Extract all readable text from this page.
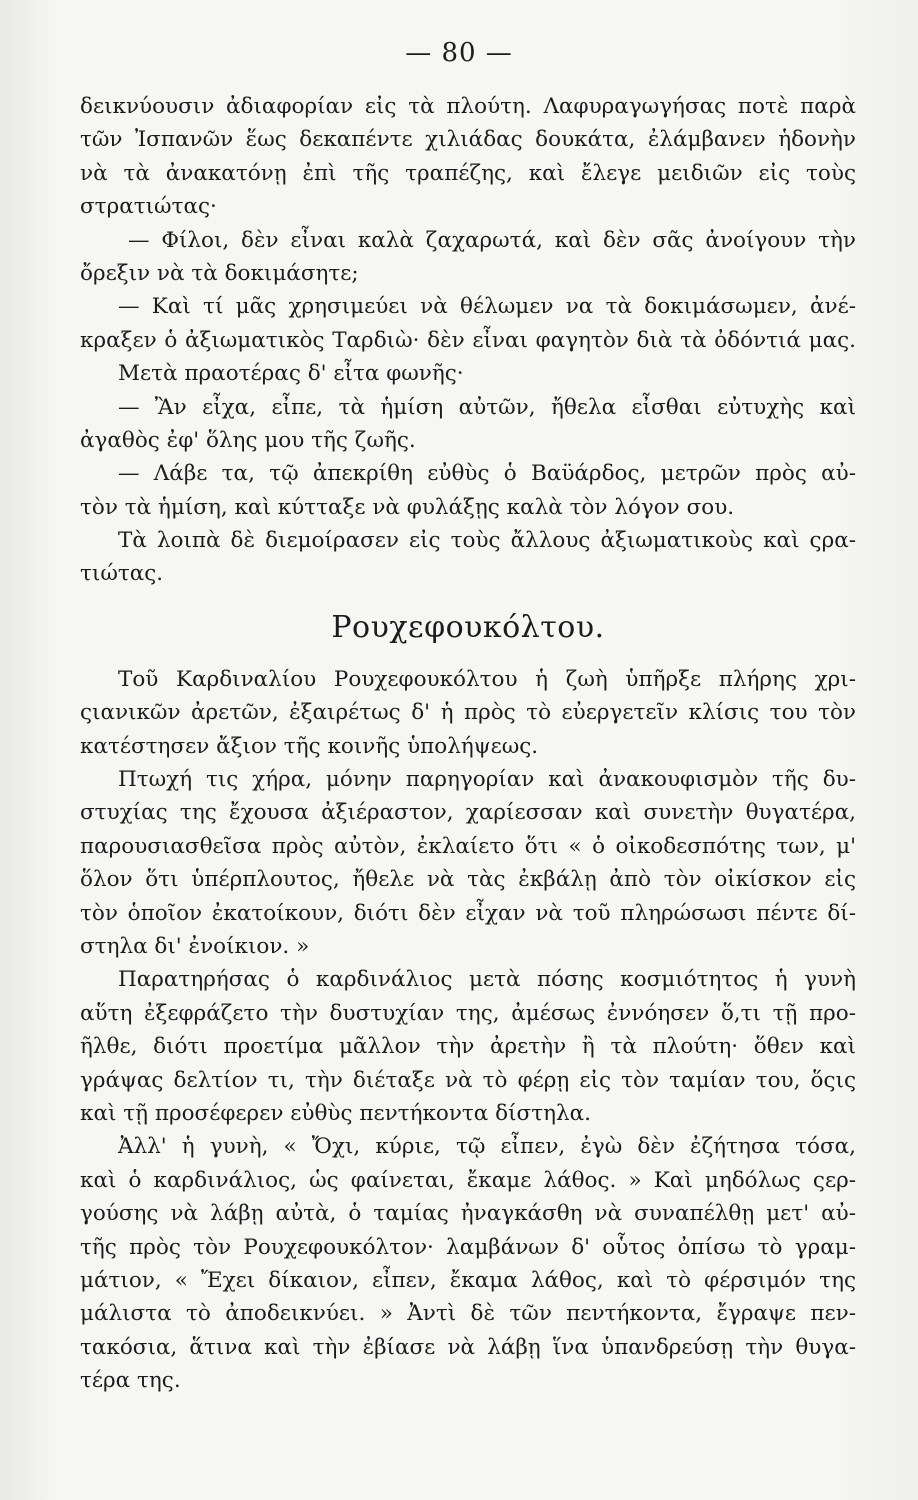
— 80 —
δεικνύουσιν ἀδιαφορίαν εἰς τὰ πλούτη. Λαφυραγωγήσας ποτὲ παρὰ
τῶν Ἰσπανῶν ἕως δεκαπέντε χιλιάδας δουκάτα, ἐλάμβανεν ἡδονὴν
νὰ τὰ ἀνακατόνῃ ἐπὶ τῆς τραπέζης, καὶ ἔλεγε μειδιῶν εἰς τοὺς
στρατιώτας·
— Φίλοι, δὲν εἶναι καλὰ ζαχαρωτά, καὶ δὲν σᾶς ἀνοίγουν τὴν
ὄρεξιν νὰ τὰ δοκιμάσητε;
— Καὶ τί μᾶς χρησιμεύει νὰ θέλωμεν να τὰ δοκιμάσωμεν, ἀνέ-
κραξεν ὁ ἀξιωματικὸς Ταρδιὼ· δὲν εἶναι φαγητὸν διὰ τὰ ὀδόντιά μας.
Μετὰ πραοτέρας δ' εἶτα φωνῆς·
— Ἂν εἶχα, εἶπε, τὰ ἡμίση αὐτῶν, ἤθελα εἶσθαι εὐτυχὴς καὶ
ἀγαθὸς ἐφ' ὅλης μου τῆς ζωῆς.
— Λάβε τα, τῷ ἀπεκρίθη εὐθὺς ὁ Βαϋάρδος, μετρῶν πρὸς αὐ-
τὸν τὰ ἡμίση, καὶ κύτταξε νὰ φυλάξῃς καλὰ τὸν λόγον σου.
Τὰ λοιπὰ δὲ διεμοίρασεν εἰς τοὺς ἄλλους ἀξιωματικοὺς καὶ ςρα-
τιώτας.
Ρουχεφουκόλτου.
Τοῦ Καρδιναλίου Ρουχεφουκόλτου ἡ ζωὴ ὑπῆρξε πλήρης χρι-
ςιανικῶν ἀρετῶν, ἐξαιρέτως δ' ἡ πρὸς τὸ εὐεργετεῖν κλίσις του τὸν
κατέστησεν ἄξιον τῆς κοινῆς ὑπολήψεως.
Πτωχή τις χήρα, μόνην παρηγορίαν καὶ ἀνακουφισμὸν τῆς δυ-
στυχίας της ἔχουσα ἀξιέραστον, χαρίεσσαν καὶ συνετὴν θυγατέρα,
παρουσιασθεῖσα πρὸς αὐτὸν, ἐκλαίετο ὅτι « ὁ οἰκοδεσπότης των, μ'
ὅλον ὅτι ὑπέρπλουτος, ἤθελε νὰ τὰς ἐκβάλῃ ἀπὸ τὸν οἰκίσκον εἰς
τὸν ὁποῖον ἐκατοίκουν, διότι δὲν εἶχαν νὰ τοῦ πληρώσωσι πέντε δί-
στηλα δι' ἐνοίκιον. »
Παρατηρήσας ὁ καρδινάλιος μετὰ πόσης κοσμιότητος ἡ γυνὴ
αὕτη ἐξεφράζετο τὴν δυστυχίαν της, ἀμέσως ἐννόησεν ὅ,τι τῇ προ-
ῆλθε, διότι προετίμα μᾶλλον τὴν ἀρετὴν ἢ τὰ πλούτη· ὅθεν καὶ
γράψας δελτίον τι, τὴν διέταξε νὰ τὸ φέρῃ εἰς τὸν ταμίαν του, ὅςις
καὶ τῇ προσέφερεν εὐθὺς πεντήκοντα δίστηλα.
Ἀλλ' ἡ γυνὴ, « Ὄχι, κύριε, τῷ εἶπεν, ἐγὼ δὲν ἐζήτησα τόσα,
καὶ ὁ καρδινάλιος, ὡς φαίνεται, ἔκαμε λάθος. » Καὶ μηδόλως ςερ-
γούσης νὰ λάβῃ αὐτὰ, ὁ ταμίας ἠναγκάσθη νὰ συναπέλθῃ μετ' αὐ-
τῆς πρὸς τὸν Ρουχεφουκόλτον· λαμβάνων δ' οὗτος ὀπίσω τὸ γραμ-
μάτιον, « Ἔχει δίκαιον, εἶπεν, ἔκαμα λάθος, καὶ τὸ φέρσιμόν της
μάλιστα τὸ ἀποδεικνύει. » Ἀντὶ δὲ τῶν πεντήκοντα, ἔγραψε πεν-
τακόσια, ἅτινα καὶ τὴν ἐβίασε νὰ λάβῃ ἵνα ὑπανδρεύσῃ τὴν θυγα-
τέρα της.
